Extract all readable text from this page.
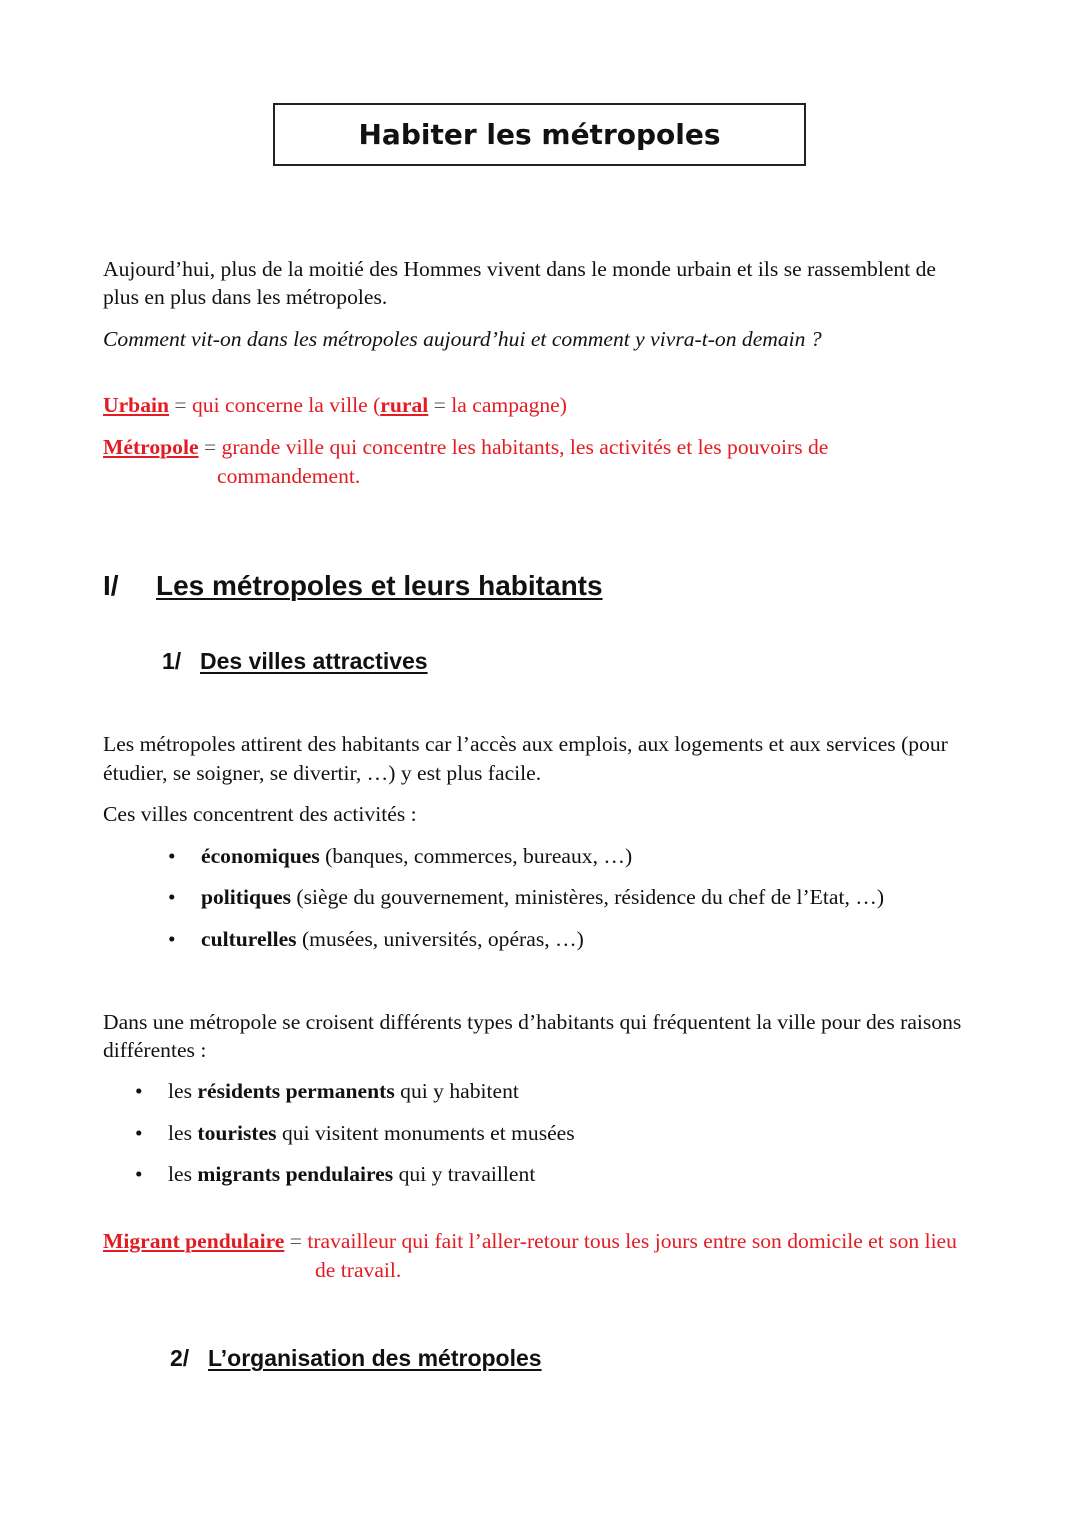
Habiter les métropoles
Aujourd’hui, plus de la moitié des Hommes vivent dans le monde urbain et ils se rassemblent de
plus en plus dans les métropoles.
Comment vit-on dans les métropoles aujourd’hui et comment y vivra-t-on demain ?
Urbain = qui concerne la ville (rural = la campagne)
Métropole = grande ville qui concentre les habitants, les activités et les pouvoirs de
commandement.
I/ Les métropoles et leurs habitants
1/ Des villes attractives
Les métropoles attirent des habitants car l’accès aux emplois, aux logements et aux services (pour
étudier, se soigner, se divertir, …) y est plus facile.
Ces villes concentrent des activités :
• économiques (banques, commerces, bureaux, …)
• politiques (siège du gouvernement, ministères, résidence du chef de l’Etat, …)
• culturelles (musées, universités, opéras, …)
Dans une métropole se croisent différents types d’habitants qui fréquentent la ville pour des raisons
différentes :
• les résidents permanents qui y habitent
• les touristes qui visitent monuments et musées
• les migrants pendulaires qui y travaillent
Migrant pendulaire = travailleur qui fait l’aller-retour tous les jours entre son domicile et son lieu
de travail.
2/ L’organisation des métropoles
